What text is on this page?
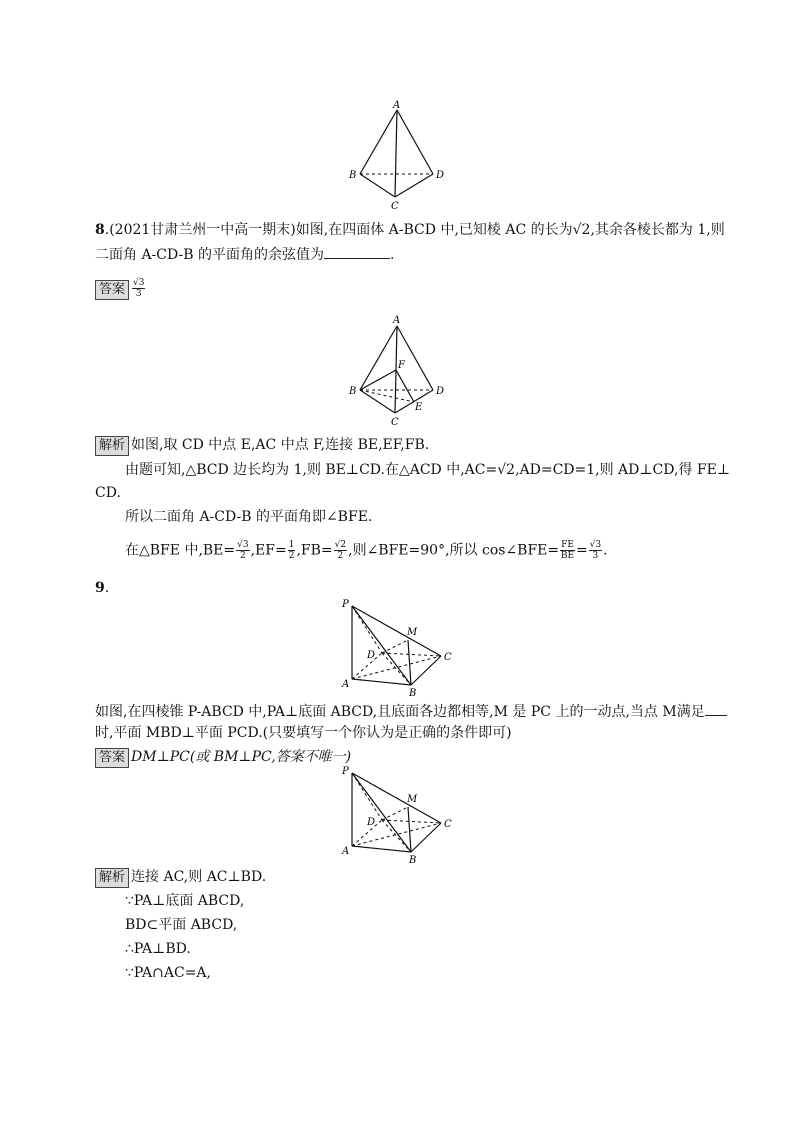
A
B
C
D
8.(2021甘肃兰州一中高一期末)如图,在四面体 A-BCD 中,已知棱 AC 的长为√2,其余各棱长都为 1,则
二面角 A-CD-B 的平面角的余弦值为	.
答案 $\frac{√3}{3}$
A
B
C
D
E
F
解析 如图,取 CD 中点 E,AC 中点 F,连接 BE,EF,FB.
由题可知,△BCD 边长均为 1,则 BE⊥CD.在△ACD 中,AC=√2,AD=CD=1,则 AD⊥CD,得 FE⊥
CD.
所以二面角 A-CD-B 的平面角即∠BFE.
在△BFE 中$,BE= \frac{√3}{2} ,EF= \frac{1}{2} ,FB= \frac{√2}{2}$ ,则∠BFE=90°,所以 cos∠BFE= $\frac{FE}{BE} = \frac{√3}{3}$ .
9.
P
M
D	C
A
B
如图,在四棱锥 P-ABCD 中,PA⊥底面 ABCD,且底面各边都相等,M 是 PC 上的一动点,当点 M满足
时,平面 MBD⊥平面 PCD.(只要填写一个你认为是正确的条件即可)
答案 DM⊥PC(或 BM⊥PC,答案不唯一)
P
M
D	C
A
B
解析 连接 AC,则 AC⊥BD.
∵PA⊥底面 ABCD,
BD⊂平面 ABCD,
∴PA⊥BD.
∵PA∩AC=A,
